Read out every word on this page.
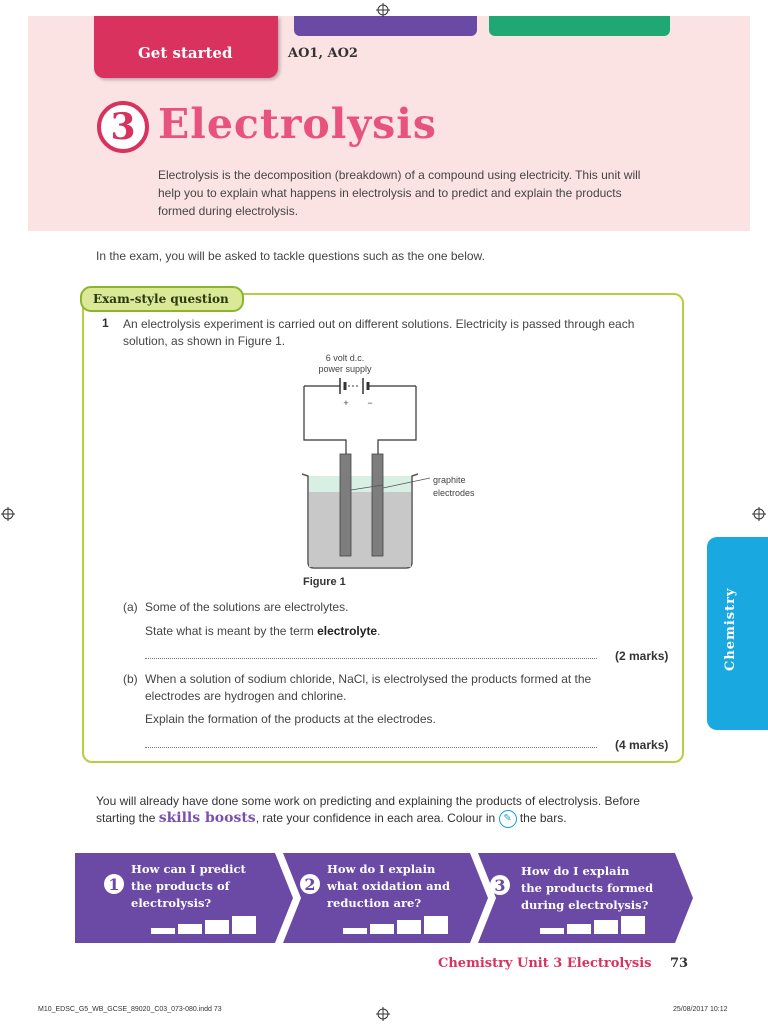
Get started	AO1, AO2
3 Electrolysis
Electrolysis is the decomposition (breakdown) of a compound using electricity. This unit will help you to explain what happens in electrolysis and to predict and explain the products formed during electrolysis.
In the exam, you will be asked to tackle questions such as the one below.
Exam-style question
1 An electrolysis experiment is carried out on different solutions. Electricity is passed through each solution, as shown in Figure 1.
6 volt d.c.
power supply
+ −
graphite
electrodes
Figure 1
(a) Some of the solutions are electrolytes.
State what is meant by the term electrolyte.
(2 marks)
(b) When a solution of sodium chloride, NaCl, is electrolysed the products formed at the electrodes are hydrogen and chlorine.
Explain the formation of the products at the electrodes.
(4 marks)
You will already have done some work on predicting and explaining the products of electrolysis. Before starting the skills boosts, rate your confidence in each area. Colour in ✎ the bars.
1
How can I predict
the products of
electrolysis?
2
How do I explain
what oxidation and
reduction are?
3
How do I explain
the products formed
during electrolysis?
Chemistry
Chemistry Unit 3 Electrolysis 73
M10_EDSC_G5_WB_GCSE_89020_C03_073-080.indd 73	25/08/2017 10:12
